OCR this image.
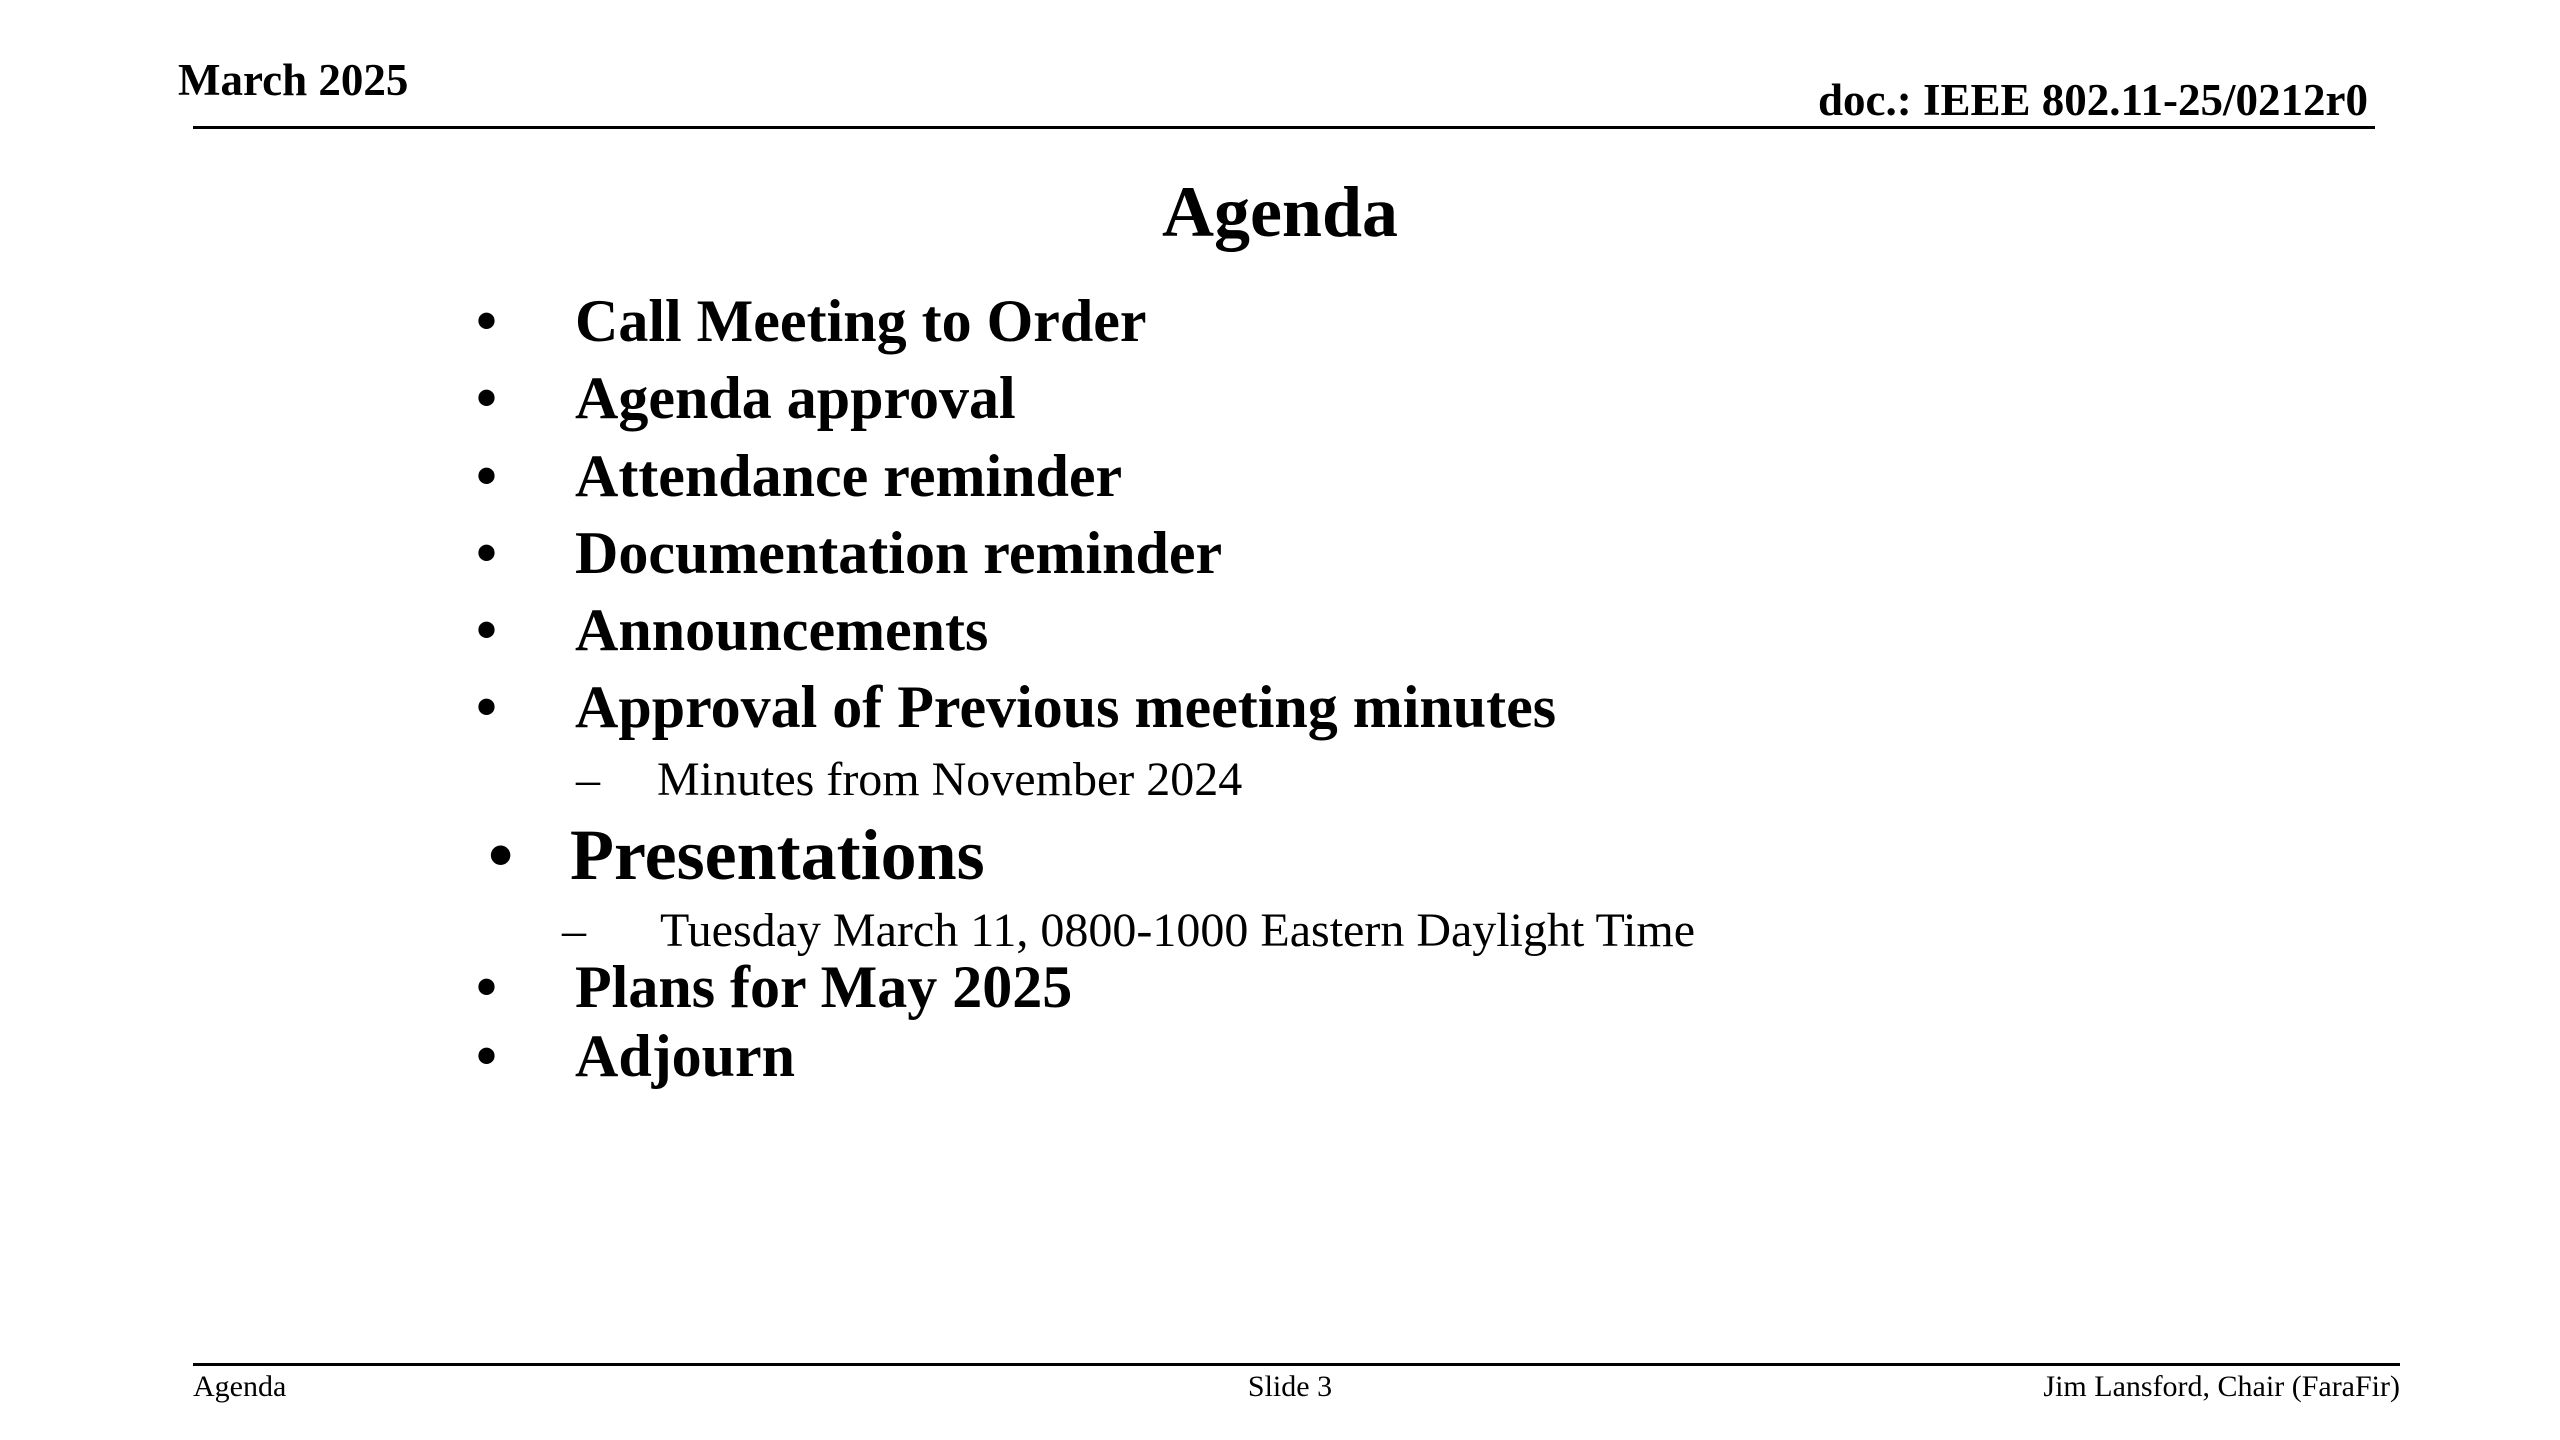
March 2025	doc.: IEEE 802.11-25/0212r0
Agenda
• Call Meeting to Order
• Agenda approval
• Attendance reminder
• Documentation reminder
• Announcements
• Approval of Previous meeting minutes
– Minutes from November 2024
• Presentations
– Tuesday March 11, 0800-1000 Eastern Daylight Time
• Plans for May 2025
• Adjourn
Agenda	Slide 3	Jim Lansford, Chair (FaraFir)
